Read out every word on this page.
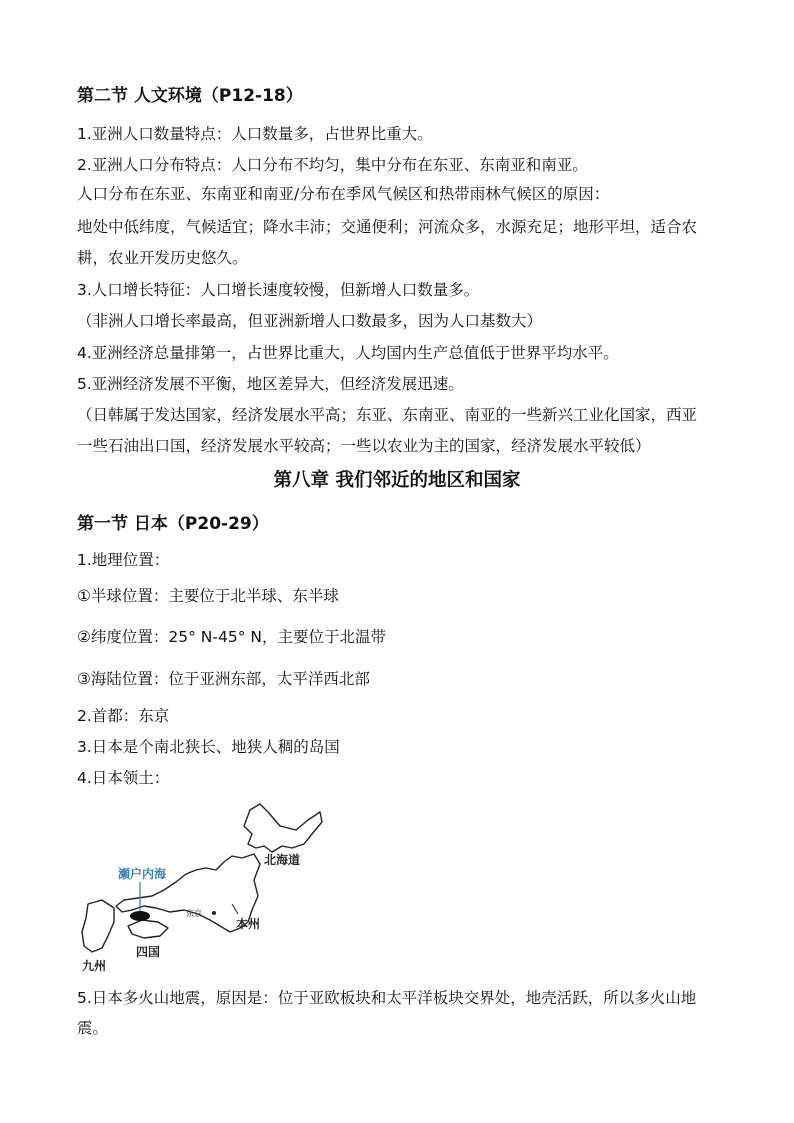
第二节 人文环境（P12-18）
1.亚洲人口数量特点：人口数量多，占世界比重大。
2.亚洲人口分布特点：人口分布不均匀，集中分布在东亚、东南亚和南亚。
人口分布在东亚、东南亚和南亚/分布在季风气候区和热带雨林气候区的原因：
地处中低纬度，气候适宜；降水丰沛；交通便利；河流众多，水源充足；地形平坦，适合农
耕，农业开发历史悠久。
3.人口增长特征：人口增长速度较慢，但新增人口数量多。
（非洲人口增长率最高，但亚洲新增人口数最多，因为人口基数大）
4.亚洲经济总量排第一，占世界比重大，人均国内生产总值低于世界平均水平。
5.亚洲经济发展不平衡，地区差异大，但经济发展迅速。
（日韩属于发达国家，经济发展水平高；东亚、东南亚、南亚的一些新兴工业化国家，西亚
一些石油出口国，经济发展水平较高；一些以农业为主的国家，经济发展水平较低）
第八章 我们邻近的地区和国家
第一节 日本（P20-29）
1.地理位置：
①半球位置：主要位于北半球、东半球
②纬度位置：25° N-45° N，主要位于北温带
③海陆位置：位于亚洲东部，太平洋西北部
2.首都：东京
3.日本是个南北狭长、地狭人稠的岛国
4.日本领土：
北海道
瀬户内海
东京
本州
四国
九州
5.日本多火山地震，原因是：位于亚欧板块和太平洋板块交界处，地壳活跃，所以多火山地
震。
